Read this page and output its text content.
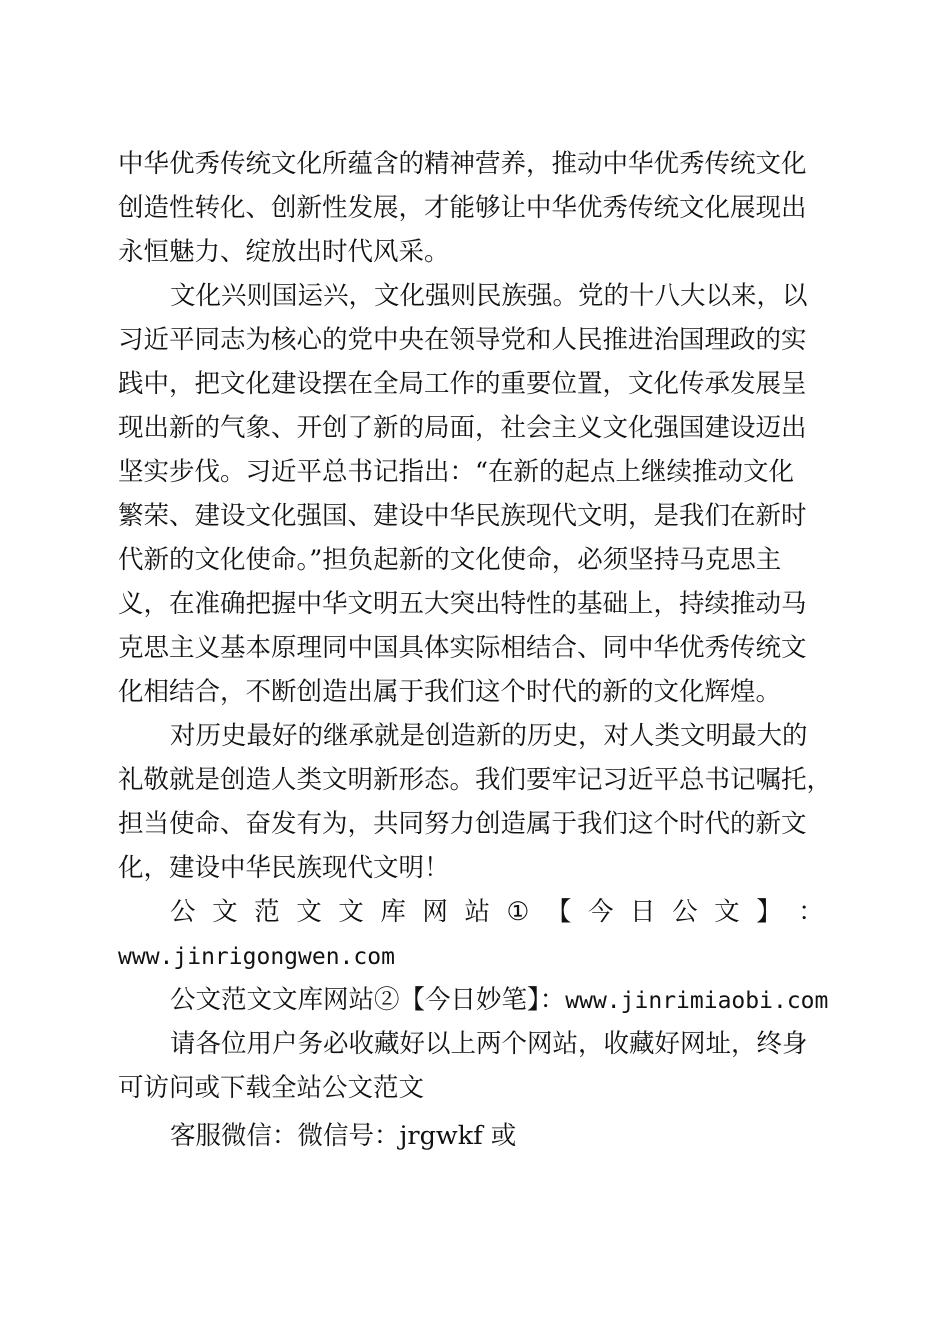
中华优秀传统文化所蕴含的精神营养，推动中华优秀传统文化
创造性转化、创新性发展，才能够让中华优秀传统文化展现出
永恒魅力、绽放出时代风采。
文化兴则国运兴，文化强则民族强。党的十八大以来，以
习近平同志为核心的党中央在领导党和人民推进治国理政的实
践中，把文化建设摆在全局工作的重要位置，文化传承发展呈
现出新的气象、开创了新的局面，社会主义文化强国建设迈出
坚实步伐。习近平总书记指出：“在新的起点上继续推动文化
繁荣、建设文化强国、建设中华民族现代文明，是我们在新时
代新的文化使命。”担负起新的文化使命，必须坚持马克思主
义，在准确把握中华文明五大突出特性的基础上，持续推动马
克思主义基本原理同中国具体实际相结合、同中华优秀传统文
化相结合，不断创造出属于我们这个时代的新的文化辉煌。
对历史最好的继承就是创造新的历史，对人类文明最大的
礼敬就是创造人类文明新形态。我们要牢记习近平总书记嘱托，
担当使命、奋发有为，共同努力创造属于我们这个时代的新文
化，建设中华民族现代文明！
公 文 范 文 文 库 网 站 ① 【 今 日 公 文 】 ：
www.jinrigongwen.com
公文范文文库网站②【今日妙笔】：www.jinrimiaobi.com
请各位用户务必收藏好以上两个网站，收藏好网址，终身
可访问或下载全站公文范文
客服微信：微信号：jrgwkf 或
